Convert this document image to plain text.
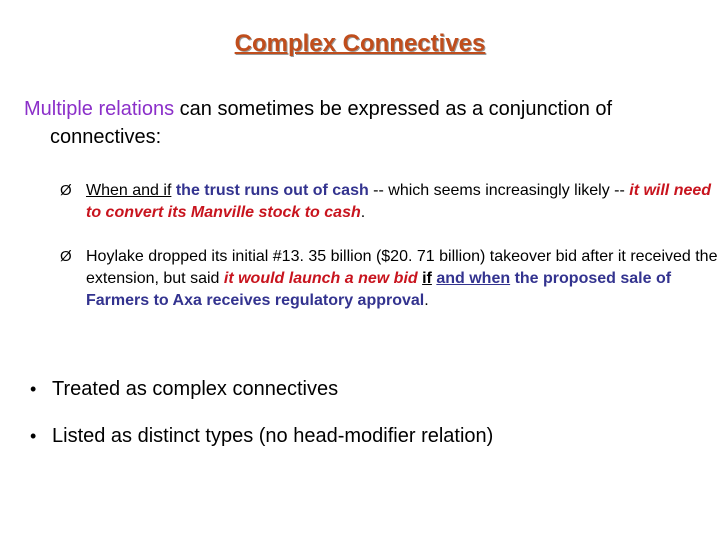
Complex Connectives
Multiple relations can sometimes be expressed as a conjunction of connectives:
Ø When and if the trust runs out of cash -- which seems increasingly likely -- it will need to convert its Manville stock to cash.
Ø Hoylake dropped its initial #13. 35 billion ($20. 71 billion) takeover bid after it received the extension, but said it would launch a new bid if and when the proposed sale of Farmers to Axa receives regulatory approval.
• Treated as complex connectives
• Listed as distinct types (no head-modifier relation)
